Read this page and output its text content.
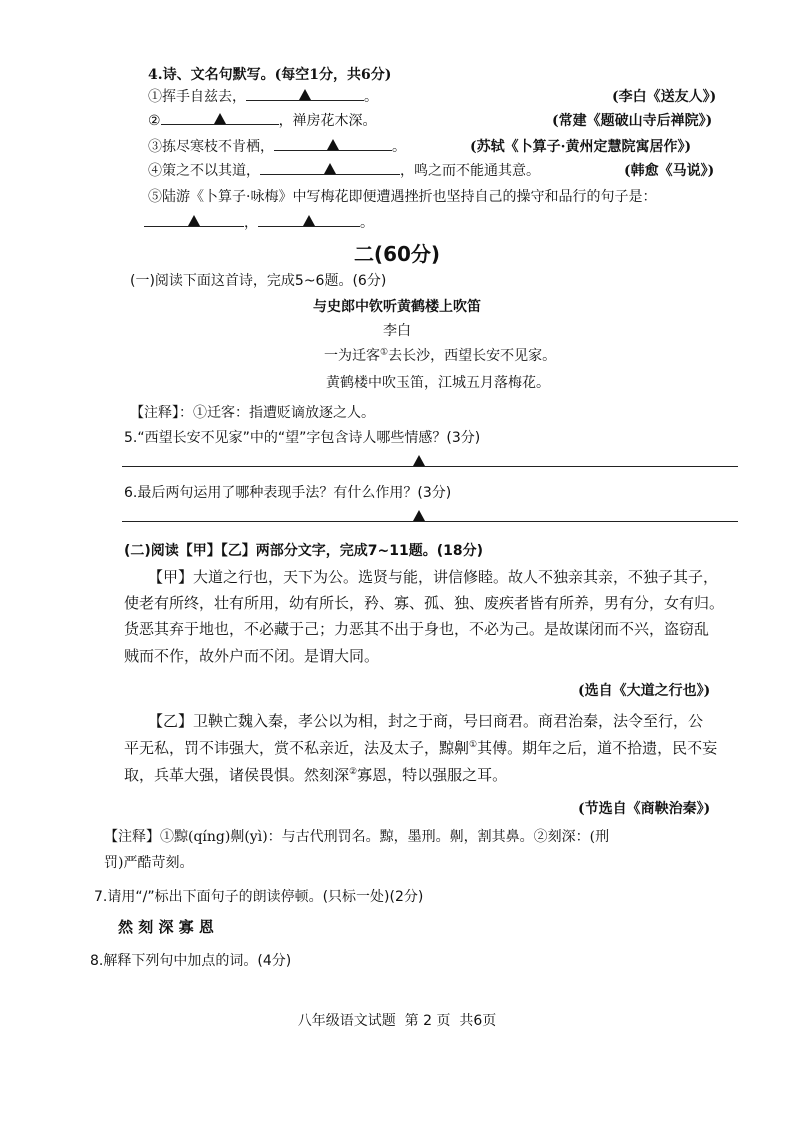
4.诗、文名句默写。(每空1分，共6分)
①挥手自兹去，	。	(李白《送友人》)
②	，禅房花木深。	(常建《题破山寺后禅院》)
③拣尽寒枝不肯栖，	。	(苏轼《卜算子·黄州定慧院寓居作》)
④策之不以其道，	，鸣之而不能通其意。	(韩愈《马说》)
⑤陆游《卜算子·咏梅》中写梅花即便遭遇挫折也坚持自己的操守和品行的句子是：
，	。
二(60分)
(一)阅读下面这首诗，完成5~6题。(6分)
与史郎中钦听黄鹤楼上吹笛
李白
一为迁客①去长沙，西望长安不见家。
黄鹤楼中吹玉笛，江城五月落梅花。
【注释】：①迁客：指遭贬谪放逐之人。
5.“西望长安不见家”中的“望”字包含诗人哪些情感？(3分)
6.最后两句运用了哪种表现手法？有什么作用？(3分)
(二)阅读【甲】【乙】两部分文字，完成7~11题。(18分)
【甲】大道之行也，天下为公。选贤与能，讲信修睦。故人不独亲其亲，不独子其子，
使老有所终，壮有所用，幼有所长，矜、寡、孤、独、废疾者皆有所养，男有分，女有归。
货恶其弃于地也，不必藏于己；力恶其不出于身也，不必为己。是故谋闭而不兴，盗窃乱
贼而不作，故外户而不闭。是谓大同。
(选自《大道之行也》)
【乙】卫鞅亡魏入秦，孝公以为相，封之于商，号曰商君。商君治秦，法令至行，公
平无私，罚不讳强大，赏不私亲近，法及太子，黥劓①其傅。期年之后，道不拾遗，民不妄
取，兵革大强，诸侯畏惧。然刻深②寡恩，特以强服之耳。
(节选自《商鞅治秦》)
【注释】①黥(qíng)劓(yì)：与古代刑罚名。黥，墨刑。劓，割其鼻。②刻深：(刑
罚)严酷苛刻。
7.请用“/”标出下面句子的朗读停顿。(只标一处)(2分)
然 刻 深 寡 恩
8.解释下列句中加点的词。(4分)
八年级语文试题  第 2 页  共6页
